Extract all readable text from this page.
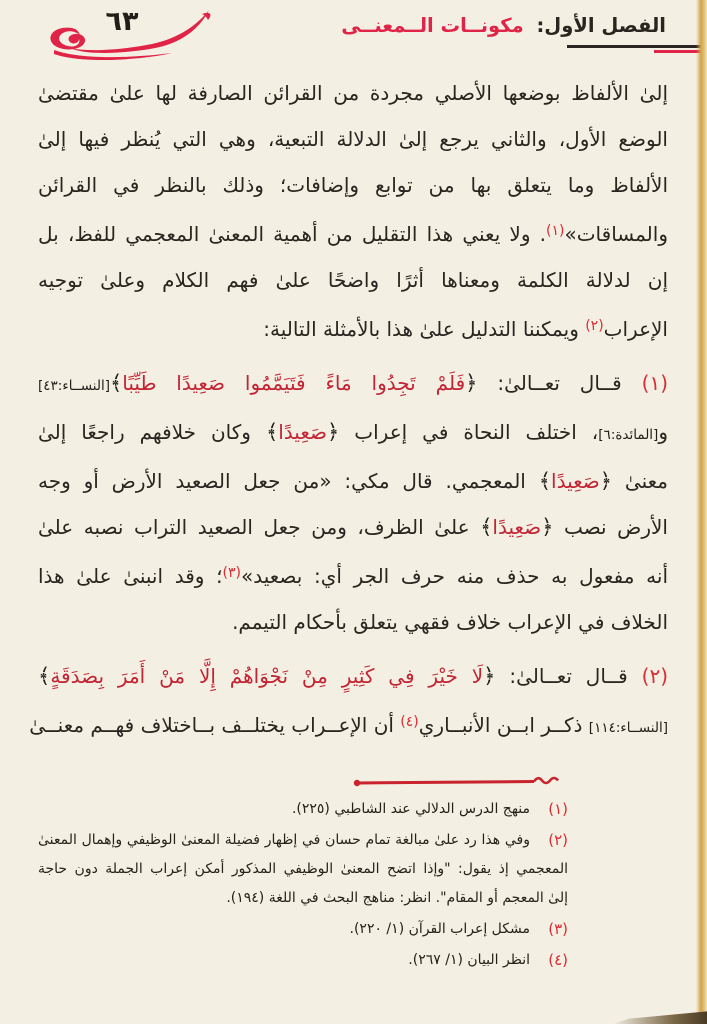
الفصل الأول: مكونــات الــمعنــى
٦٣
إلىٰ الألفاظ بوضعها الأصلي مجردة من القرائن الصارفة لها علىٰ مقتضىٰ
الوضع الأول، والثاني يرجع إلىٰ الدلالة التبعية، وهي التي يُنظر فيها إلىٰ
الألفاظ وما يتعلق بها من توابع وإضافات؛ وذلك بالنظر في القرائن
والمساقات»$^{(١)}$. ولا يعني هذا التقليل من أهمية المعنىٰ المعجمي للفظ، بل
إن لدلالة الكلمة ومعناها أثرًا واضحًا علىٰ فهم الكلام وعلىٰ توجيه
الإعراب$^{(٢)}$ ويمكننا التدليل علىٰ هذا بالأمثلة التالية:
(١) قــال تعــالىٰ: ﴿فَلَمْ تَجِدُوا مَاءً فَتَيَمَّمُوا صَعِيدًا طَيِّبًا﴾[النســاء:٤٣]
و[المائدة:٦]، اختلف النحاة في إعراب ﴿صَعِيدًا﴾ وكان خلافهم راجعًا إلىٰ
معنىٰ ﴿صَعِيدًا﴾ المعجمي. قال مكي: «من جعل الصعيد الأرض أو وجه
الأرض نصب ﴿صَعِيدًا﴾ علىٰ الظرف، ومن جعل الصعيد التراب نصبه علىٰ
أنه مفعول به حذف منه حرف الجر أي: بصعيد»$^{(٣)}$؛ وقد انبنىٰ علىٰ هذا
الخلاف في الإعراب خلاف فقهي يتعلق بأحكام التيمم.
(٢) قــال تعــالىٰ: ﴿لَا خَيْرَ فِي كَثِيرٍ مِنْ نَجْوَاهُمْ إِلَّا مَنْ أَمَرَ بِصَدَقَةٍ﴾
[النســاء:١١٤] ذكــر ابــن الأنبــاري$^{(٤)}$ أن الإعــراب يختلــف بــاختلاف فهــم معنــىٰ
(١)
منهج الدرس الدلالي عند الشاطبي (٢٢٥).
(٢)
وفي هذا رد علىٰ مبالغة تمام حسان في إظهار فضيلة المعنىٰ الوظيفي وإهمال المعنىٰ
المعجمي إذ يقول: "وإذا اتضح المعنىٰ الوظيفي المذكور أمكن إعراب الجملة دون حاجة
إلىٰ المعجم أو المقام". انظر: مناهج البحث في اللغة (١٩٤).
(٣)
مشكل إعراب القرآن (١/ ٢٢٠).
(٤)
انظر البيان (١/ ٢٦٧).
